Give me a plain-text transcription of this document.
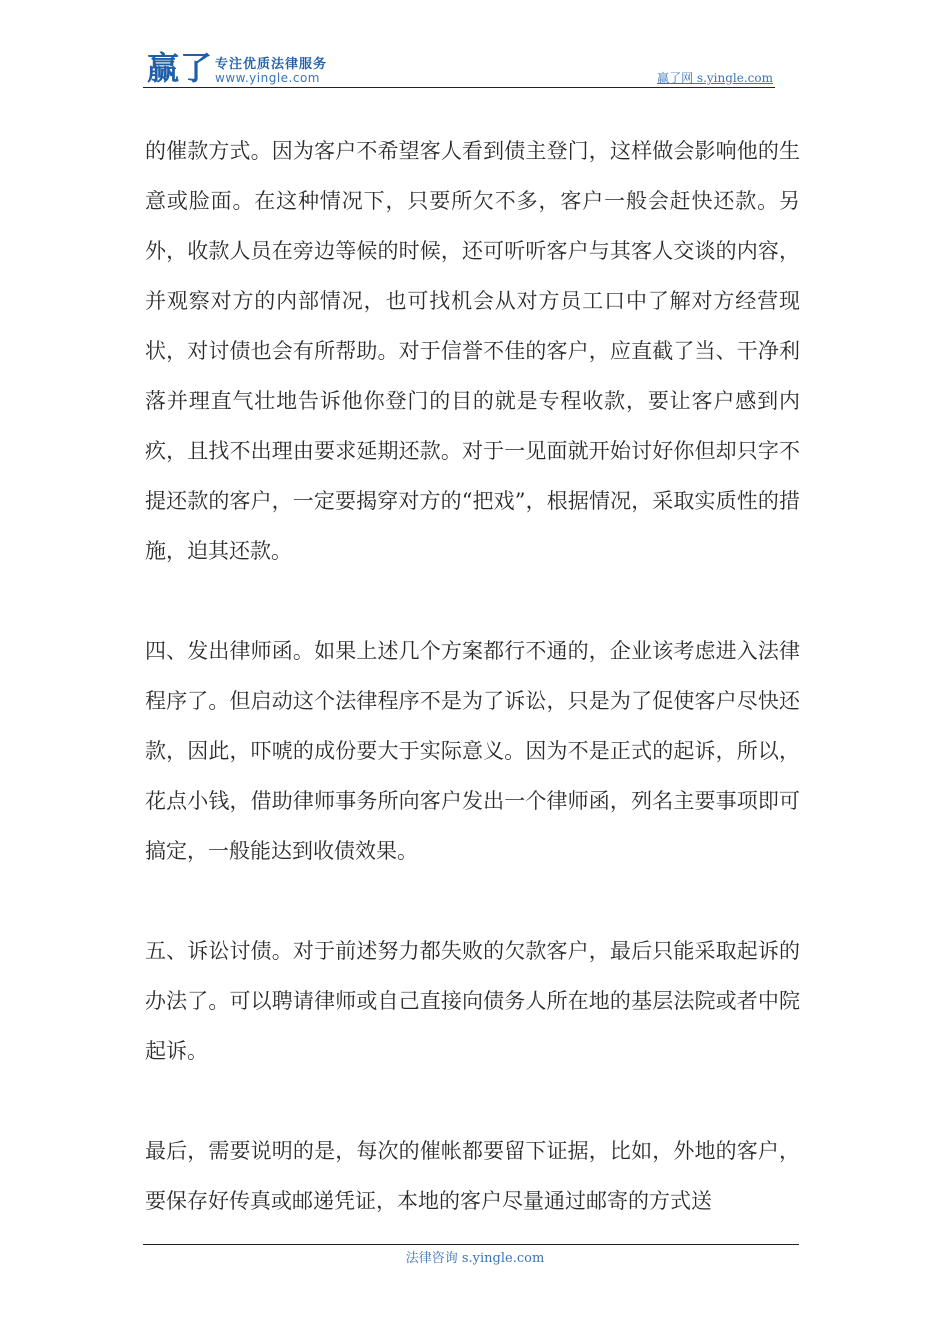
赢了 专注优质法律服务
www.yingle.com	赢了网 s.yingle.com

的催款方式。因为客户不希望客人看到债主登门，这样做会影响他的生意或脸面。在这种情况下，只要所欠不多，客户一般会赶快还款。另外，收款人员在旁边等候的时候，还可听听客户与其客人交谈的内容，并观察对方的内部情况，也可找机会从对方员工口中了解对方经营现状，对讨债也会有所帮助。对于信誉不佳的客户，应直截了当、干净利落并理直气壮地告诉他你登门的目的就是专程收款，要让客户感到内疚，且找不出理由要求延期还款。对于一见面就开始讨好你但却只字不提还款的客户，一定要揭穿对方的“把戏”，根据情况，采取实质性的措施，迫其还款。

四、发出律师函。如果上述几个方案都行不通的，企业该考虑进入法律程序了。但启动这个法律程序不是为了诉讼，只是为了促使客户尽快还款，因此，吓唬的成份要大于实际意义。因为不是正式的起诉，所以，花点小钱，借助律师事务所向客户发出一个律师函，列名主要事项即可搞定，一般能达到收债效果。

五、诉讼讨债。对于前述努力都失败的欠款客户，最后只能采取起诉的办法了。可以聘请律师或自己直接向债务人所在地的基层法院或者中院起诉。

最后，需要说明的是，每次的催帐都要留下证据，比如，外地的客户，要保存好传真或邮递凭证，本地的客户尽量通过邮寄的方式送

法律咨询 s.yingle.com
